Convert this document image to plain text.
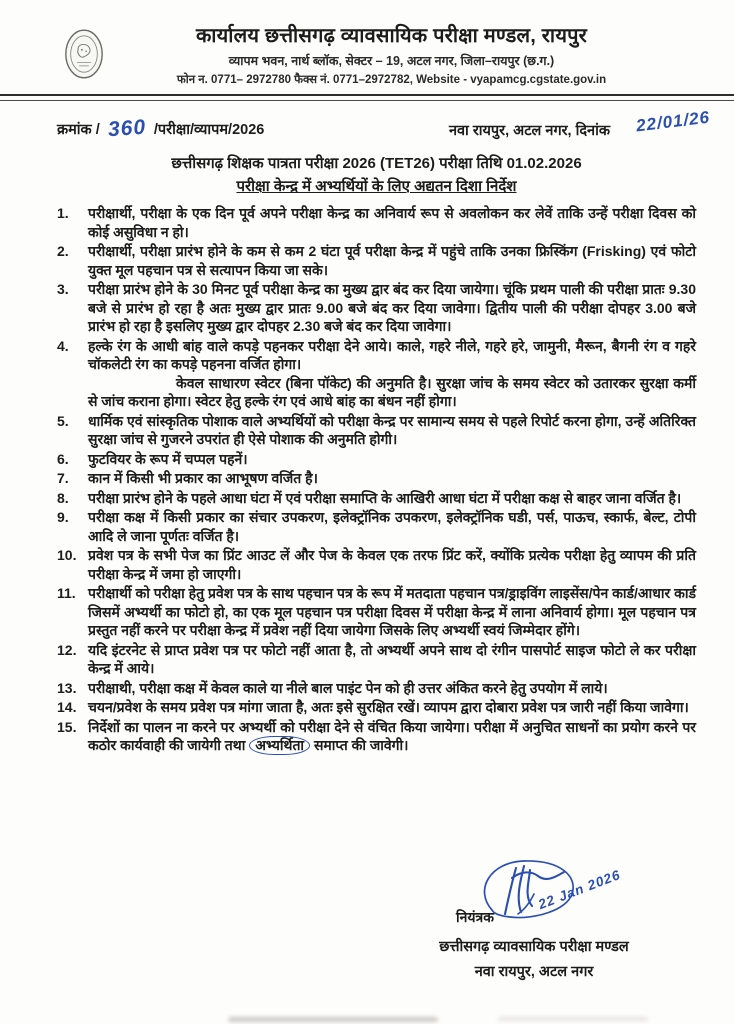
कार्यालय छत्तीसगढ़ व्यावसायिक परीक्षा मण्डल, रायपुर
व्यापम भवन, नार्थ ब्लॉक, सेक्टर – 19, अटल नगर, जिला–रायपुर (छ.ग.)
फोन न. 0771– 2972780 फैक्स नं. 0771–2972782, Website - vyapamcg.cgstate.gov.in
क्रमांक / 360 /परीक्षा/व्यापम/2026	नवा रायपुर, अटल नगर, दिनांक 22/01/26
छत्तीसगढ़ शिक्षक पात्रता परीक्षा 2026 (TET26) परीक्षा तिथि 01.02.2026
परीक्षा केन्द्र में अभ्यर्थियों के लिए अद्यतन दिशा निर्देश
1.	परीक्षार्थी, परीक्षा के एक दिन पूर्व अपने परीक्षा केन्द्र का अनिवार्य रूप से अवलोकन कर लेवें ताकि उन्हें परीक्षा दिवस को कोई असुविधा न हो।
2.	परीक्षार्थी, परीक्षा प्रारंभ होने के कम से कम 2 घंटा पूर्व परीक्षा केन्द्र में पहुंचे ताकि उनका फ्रिस्किंग (Frisking) एवं फोटो युक्त मूल पहचान पत्र से सत्यापन किया जा सके।
3.	परीक्षा प्रारंभ होने के 30 मिनट पूर्व परीक्षा केन्द्र का मुख्य द्वार बंद कर दिया जायेगा। चूंकि प्रथम पाली की परीक्षा प्रातः 9.30 बजे से प्रारंभ हो रहा है अतः मुख्य द्वार प्रातः 9.00 बजे बंद कर दिया जावेगा। द्वितीय पाली की परीक्षा दोपहर 3.00 बजे प्रारंभ हो रहा है इसलिए मुख्य द्वार दोपहर 2.30 बजे बंद कर दिया जावेगा।
4.	हल्के रंग के आधी बांह वाले कपड़े पहनकर परीक्षा देने आये। काले, गहरे नीले, गहरे हरे, जामुनी, मैरून, बैगनी रंग व गहरे चॉकलेटी रंग का कपड़े पहनना वर्जित होगा।
केवल साधारण स्वेटर (बिना पॉकेट) की अनुमति है। सुरक्षा जांच के समय स्वेटर को उतारकर सुरक्षा कर्मी से जांच कराना होगा। स्वेटर हेतु हल्के रंग एवं आधे बांह का बंधन नहीं होगा।
5.	धार्मिक एवं सांस्कृतिक पोशाक वाले अभ्यर्थियों को परीक्षा केन्द्र पर सामान्य समय से पहले रिपोर्ट करना होगा, उन्हें अतिरिक्त सुरक्षा जांच से गुजरने उपरांत ही ऐसे पोशाक की अनुमति होगी।
6.	फुटवियर के रूप में चप्पल पहनें।
7.	कान में किसी भी प्रकार का आभूषण वर्जित है।
8.	परीक्षा प्रारंभ होने के पहले आधा घंटा में एवं परीक्षा समाप्ति के आखिरी आधा घंटा में परीक्षा कक्ष से बाहर जाना वर्जित है।
9.	परीक्षा कक्ष में किसी प्रकार का संचार उपकरण, इलेक्ट्रॉनिक उपकरण, इलेक्ट्रॉनिक घडी, पर्स, पाऊच, स्कार्फ, बेल्ट, टोपी आदि ले जाना पूर्णतः वर्जित है।
10. प्रवेश पत्र के सभी पेज का प्रिंट आउट लें और पेज के केवल एक तरफ प्रिंट करें, क्योंकि प्रत्येक परीक्षा हेतु व्यापम की प्रति परीक्षा केन्द्र में जमा हो जाएगी।
11. परीक्षार्थी को परीक्षा हेतु प्रवेश पत्र के साथ पहचान पत्र के रूप में मतदाता पहचान पत्र/ड्राइविंग लाइसेंस/पेन कार्ड/आधार कार्ड जिसमें अभ्यर्थी का फोटो हो, का एक मूल पहचान पत्र परीक्षा दिवस में परीक्षा केन्द्र में लाना अनिवार्य होगा। मूल पहचान पत्र प्रस्तुत नहीं करने पर परीक्षा केन्द्र में प्रवेश नहीं दिया जायेगा जिसके लिए अभ्यर्थी स्वयं जिम्मेदार होंगे।
12. यदि इंटरनेट से प्राप्त प्रवेश पत्र पर फोटो नहीं आता है, तो अभ्यर्थी अपने साथ दो रंगीन पासपोर्ट साइज फोटो ले कर परीक्षा केन्द्र में आये।
13. परीक्षाथी, परीक्षा कक्ष में केवल काले या नीले बाल पाइंट पेन को ही उत्तर अंकित करने हेतु उपयोग में लाये।
14. चयन/प्रवेश के समय प्रवेश पत्र मांगा जाता है, अतः इसे सुरक्षित रखें। व्यापम द्वारा दोबारा प्रवेश पत्र जारी नहीं किया जावेगा।
15. निर्देशों का पालन ना करने पर अभ्यर्थी को परीक्षा देने से वंचित किया जायेगा। परीक्षा में अनुचित साधनों का प्रयोग करने पर कठोर कार्यवाही की जायेगी तथा अभ्यर्थिता समाप्त की जावेगी।
22 Jan 2026
नियंत्रक
छत्तीसगढ़ व्यावसायिक परीक्षा मण्डल
नवा रायपुर, अटल नगर
